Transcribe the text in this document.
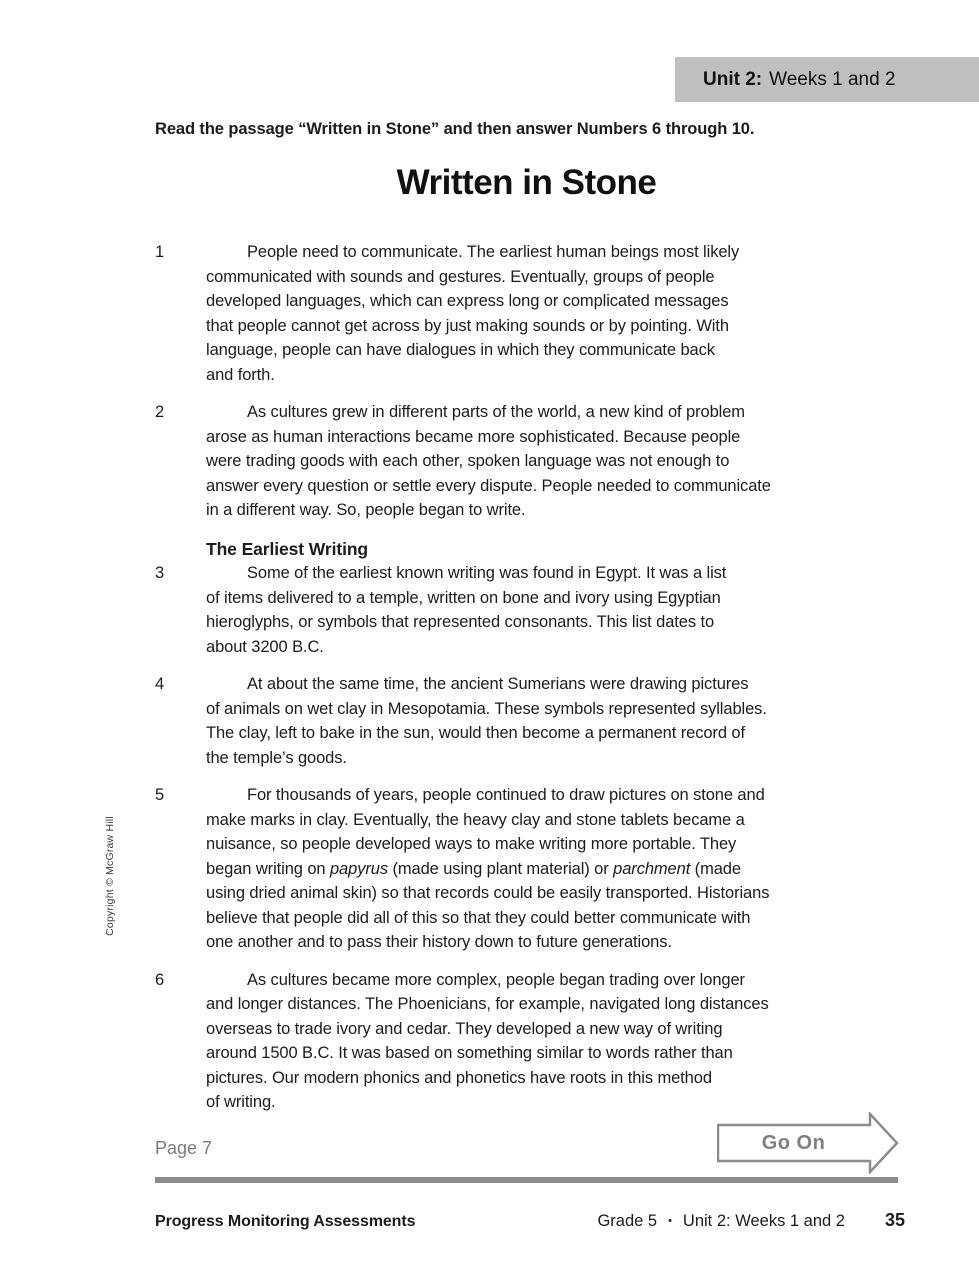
Unit 2: Weeks 1 and 2
Read the passage “Written in Stone” and then answer Numbers 6 through 10.
Written in Stone
1	People need to communicate. The earliest human beings most likely
communicated with sounds and gestures. Eventually, groups of people
developed languages, which can express long or complicated messages
that people cannot get across by just making sounds or by pointing. With
language, people can have dialogues in which they communicate back
and forth.
2	As cultures grew in different parts of the world, a new kind of problem
arose as human interactions became more sophisticated. Because people
were trading goods with each other, spoken language was not enough to
answer every question or settle every dispute. People needed to communicate
in a different way. So, people began to write.
The Earliest Writing
3	Some of the earliest known writing was found in Egypt. It was a list
of items delivered to a temple, written on bone and ivory using Egyptian
hieroglyphs, or symbols that represented consonants. This list dates to
about 3200 B.C.
4	At about the same time, the ancient Sumerians were drawing pictures
of animals on wet clay in Mesopotamia. These symbols represented syllables.
The clay, left to bake in the sun, would then become a permanent record of
the temple’s goods.
5	For thousands of years, people continued to draw pictures on stone and
make marks in clay. Eventually, the heavy clay and stone tablets became a
nuisance, so people developed ways to make writing more portable. They
began writing on papyrus (made using plant material) or parchment (made
using dried animal skin) so that records could be easily transported. Historians
believe that people did all of this so that they could better communicate with
one another and to pass their history down to future generations.
6	As cultures became more complex, people began trading over longer
and longer distances. The Phoenicians, for example, navigated long distances
overseas to trade ivory and cedar. They developed a new way of writing
around 1500 B.C. It was based on something similar to words rather than
pictures. Our modern phonics and phonetics have roots in this method
of writing.
Copyright © McGraw Hill
Page 7	Go On
Progress Monitoring Assessments	Grade 5 • Unit 2: Weeks 1 and 2 35
